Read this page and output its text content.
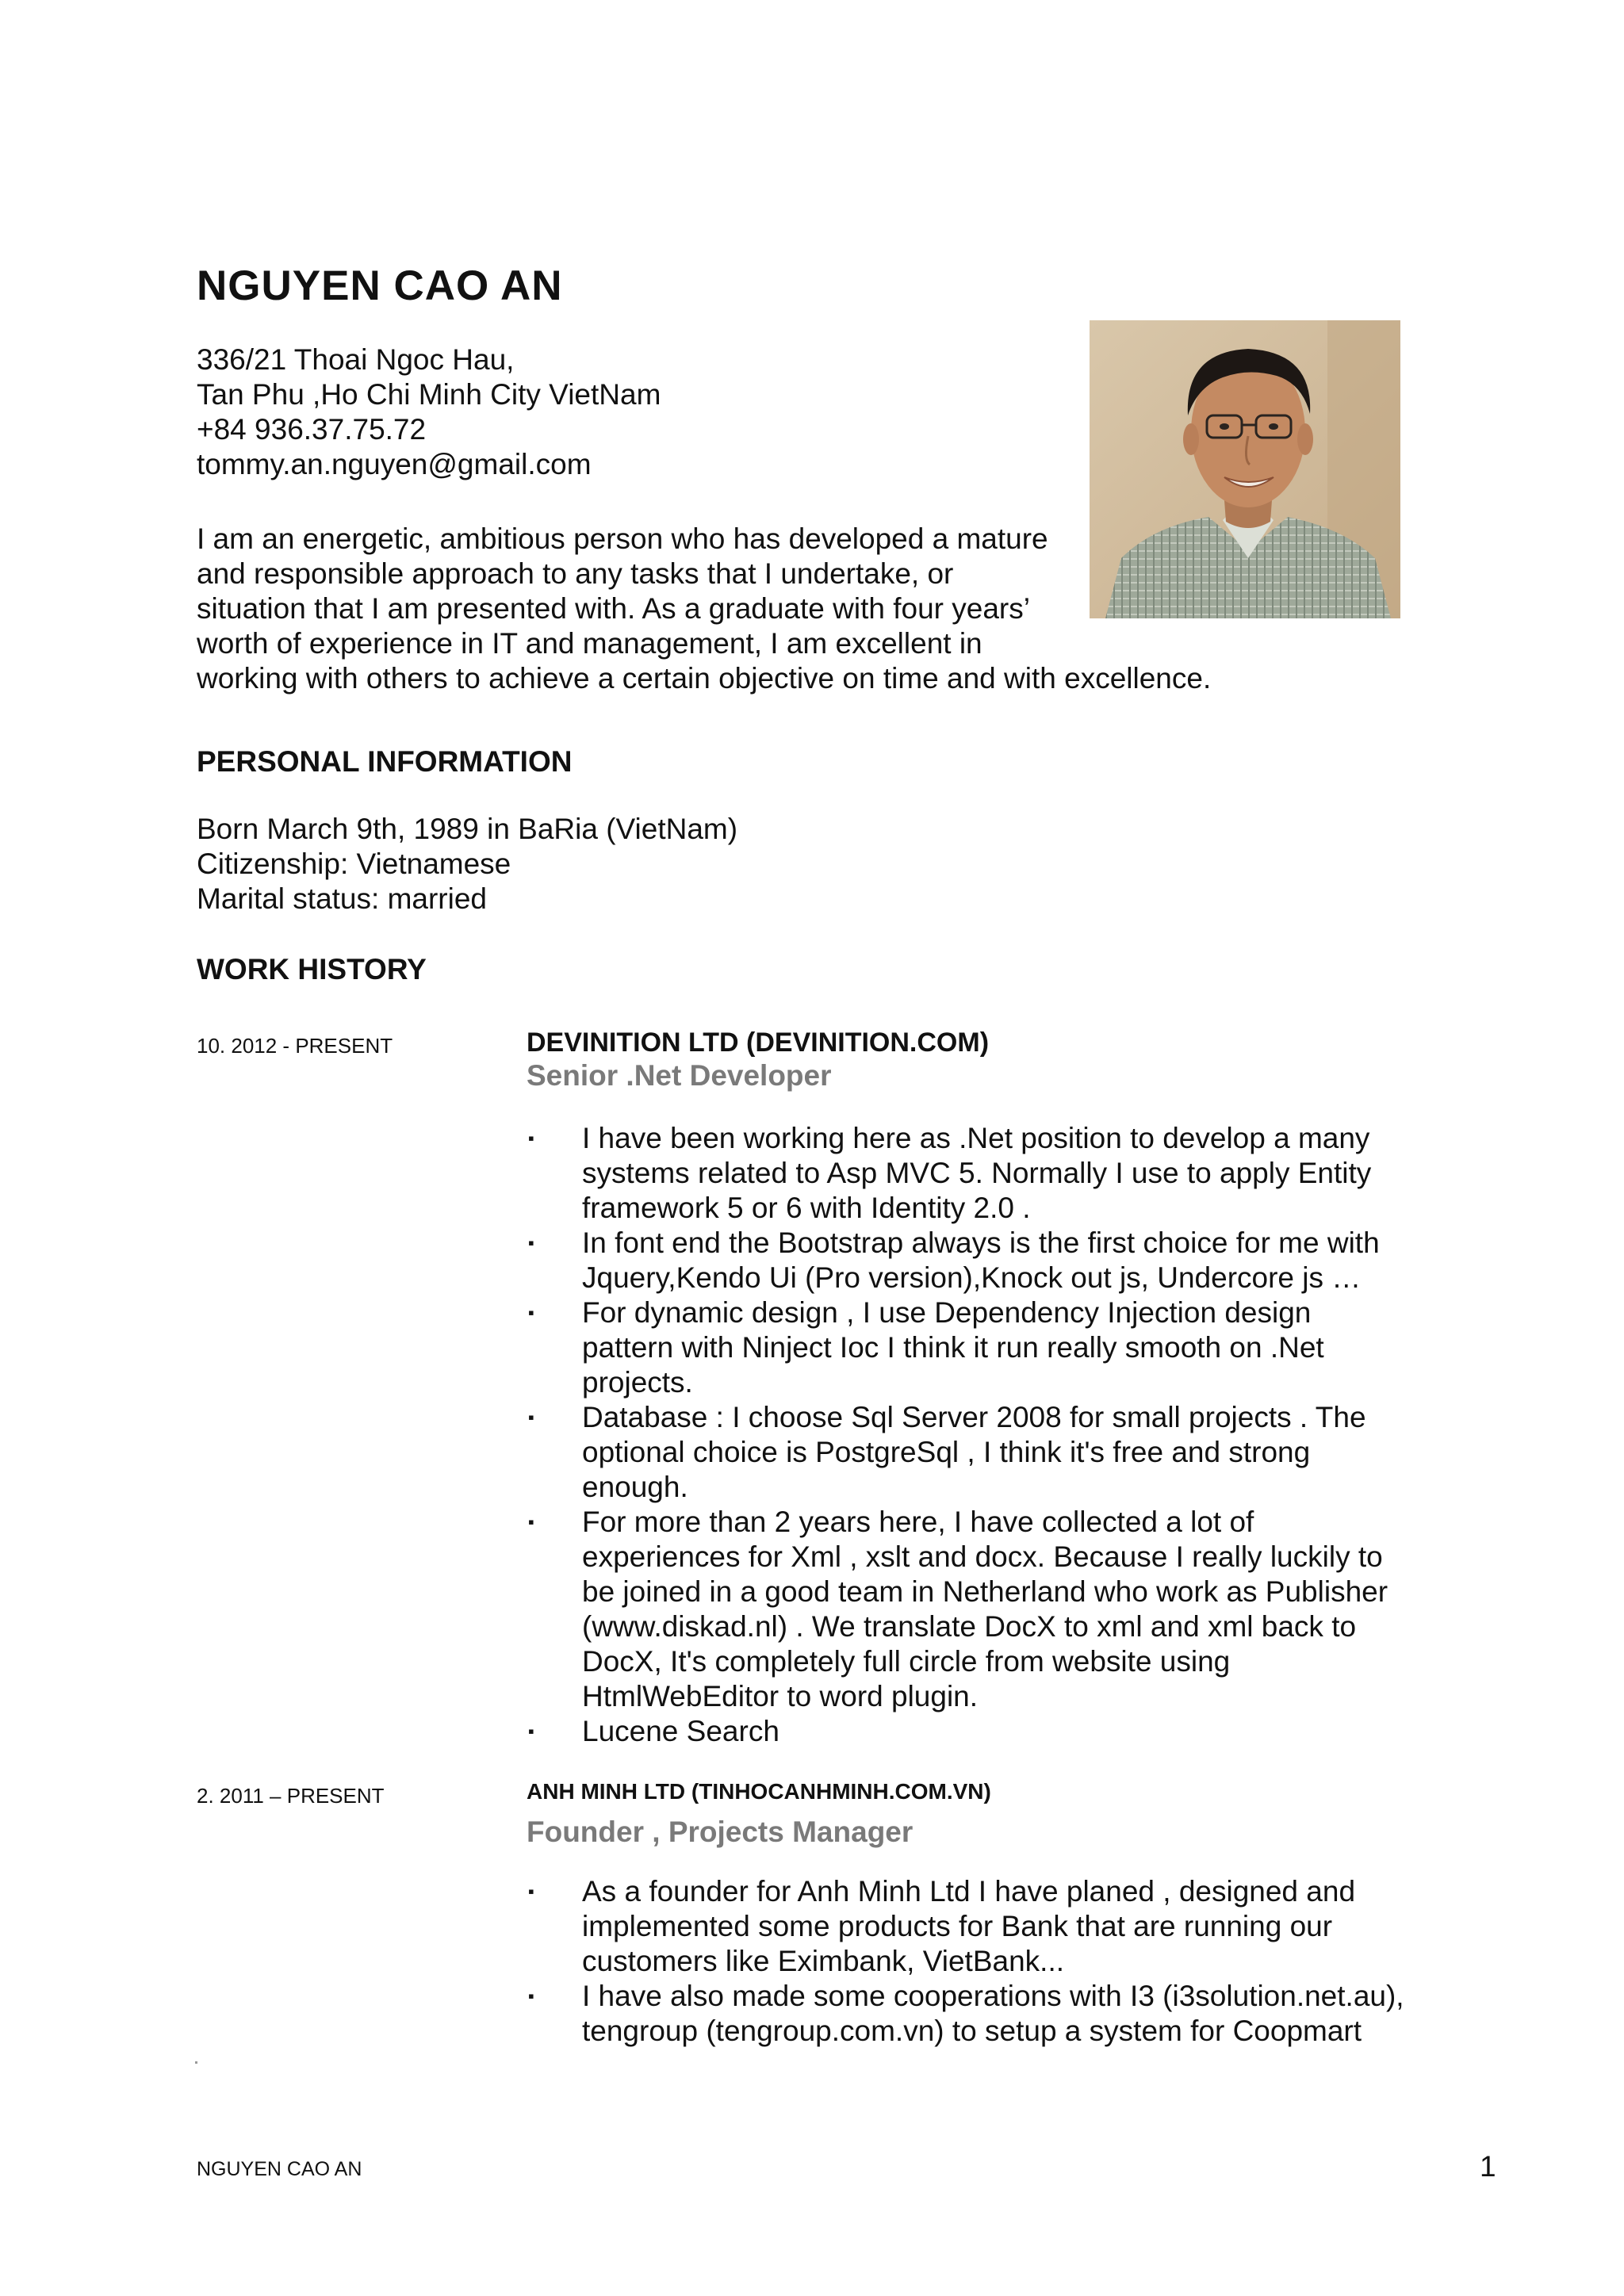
NGUYEN CAO AN
336/21 Thoai Ngoc Hau,
Tan Phu ,Ho Chi Minh City VietNam
+84 936.37.75.72
tommy.an.nguyen@gmail.com
I am an energetic, ambitious person who has developed a mature
and responsible approach to any tasks that I undertake, or
situation that I am presented with. As a graduate with four years’
worth of experience in IT and management, I am excellent in
working with others to achieve a certain objective on time and with excellence.
PERSONAL INFORMATION
Born March 9th, 1989 in BaRia (VietNam)
Citizenship: Vietnamese
Marital status: married
WORK HISTORY
10. 2012 - PRESENT	DEVINITION LTD (DEVINITION.COM)
Senior .Net Developer
▪ I have been working here as .Net position to develop a many
systems related to Asp MVC 5. Normally I use to apply Entity
framework 5 or 6 with Identity 2.0 .
▪ In font end the Bootstrap always is the first choice for me with
Jquery,Kendo Ui (Pro version),Knock out js, Undercore js …
▪ For dynamic design , I use Dependency Injection design
pattern with Ninject Ioc I think it run really smooth on .Net
projects.
▪ Database : I choose Sql Server 2008 for small projects . The
optional choice is PostgreSql , I think it's free and strong
enough.
▪ For more than 2 years here, I have collected a lot of
experiences for Xml , xslt and docx. Because I really luckily to
be joined in a good team in Netherland who work as Publisher
(www.diskad.nl) . We translate DocX to xml and xml back to
DocX, It's completely full circle from website using
HtmlWebEditor to word plugin.
▪ Lucene Search
2. 2011 – PRESENT	ANH MINH LTD (TINHOCANHMINH.COM.VN)
Founder , Projects Manager
▪ As a founder for Anh Minh Ltd I have planed , designed and
implemented some products for Bank that are running our
customers like Eximbank, VietBank...
▪ I have also made some cooperations with I3 (i3solution.net.au),
tengroup (tengroup.com.vn) to setup a system for Coopmart
NGUYEN CAO AN	1
